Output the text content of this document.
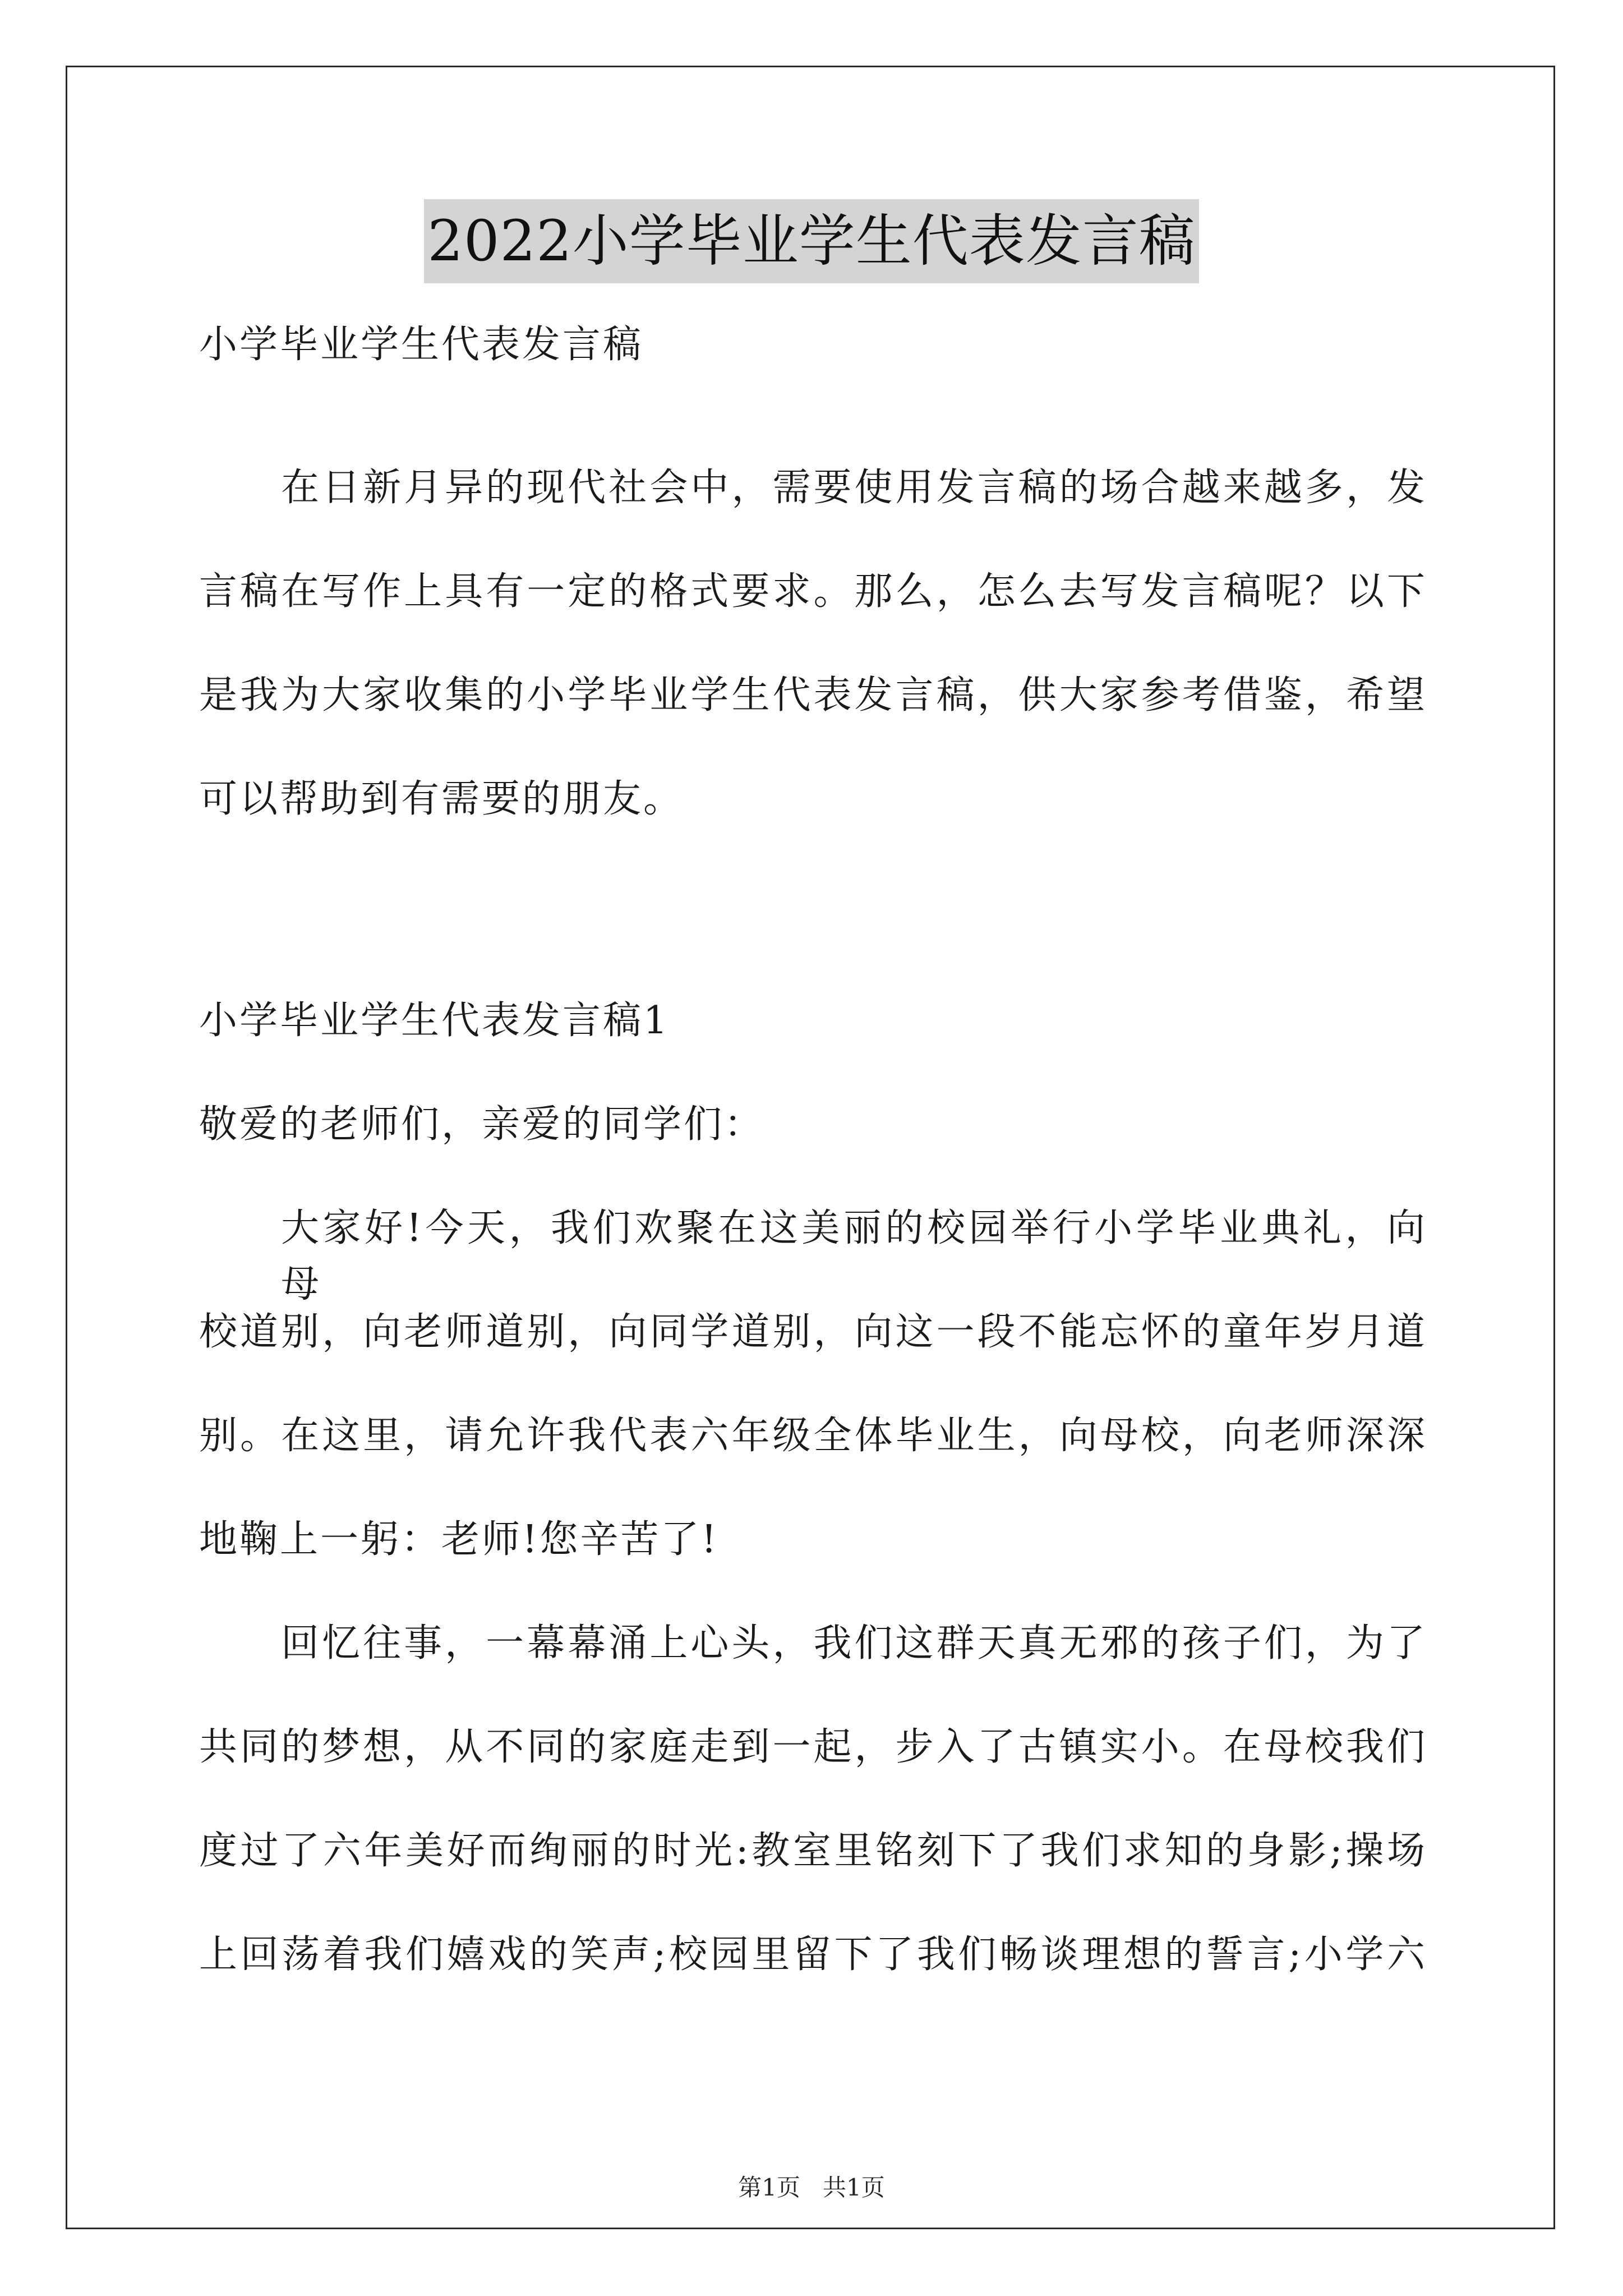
2022小学毕业学生代表发言稿
小学毕业学生代表发言稿
在日新月异的现代社会中，需要使用发言稿的场合越来越多，发
言稿在写作上具有一定的格式要求。那么，怎么去写发言稿呢？以下
是我为大家收集的小学毕业学生代表发言稿，供大家参考借鉴，希望
可以帮助到有需要的朋友。
小学毕业学生代表发言稿1
敬爱的老师们，亲爱的同学们：
大家好!今天，我们欢聚在这美丽的校园举行小学毕业典礼，向母
校道别，向老师道别，向同学道别，向这一段不能忘怀的童年岁月道
别。在这里，请允许我代表六年级全体毕业生，向母校，向老师深深
地鞠上一躬：老师!您辛苦了!
回忆往事，一幕幕涌上心头，我们这群天真无邪的孩子们，为了
共同的梦想，从不同的家庭走到一起，步入了古镇实小。在母校我们
度过了六年美好而绚丽的时光:教室里铭刻下了我们求知的身影;操场
上回荡着我们嬉戏的笑声;校园里留下了我们畅谈理想的誓言;小学六
第1页 共1页
